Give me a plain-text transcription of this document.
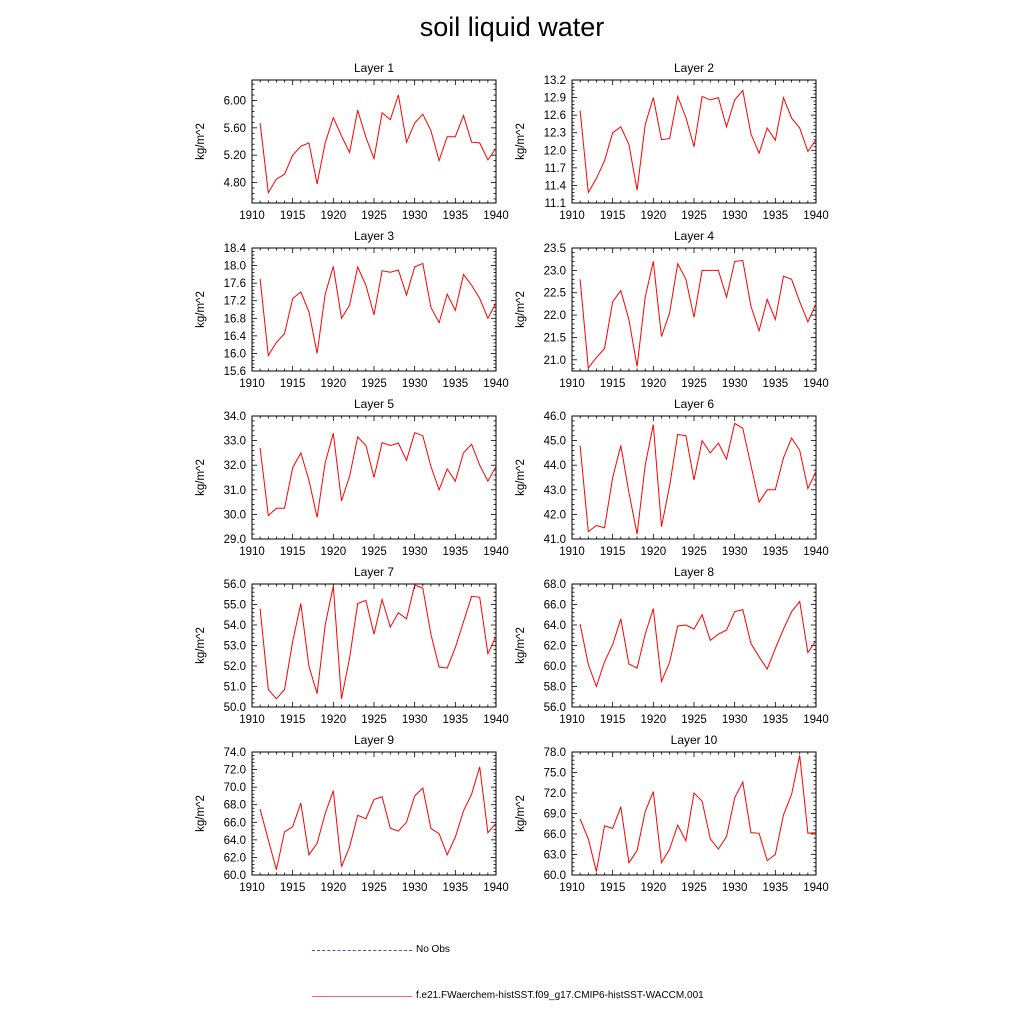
soil liquid water
Layer 1
1910 1915 1920 1925 1930 1935 1940
4.80
5.20
5.60
6.00
kg/m^2
Layer 2
1910 1915 1920 1925 1930 1935 1940
11.1
11.4
11.7
12.0
12.3
12.6
12.9
13.2
kg/m^2
Layer 3
1910 1915 1920 1925 1930 1935 1940
15.6
16.0
16.4
16.8
17.2
17.6
18.0
18.4
kg/m^2
Layer 4
1910 1915 1920 1925 1930 1935 1940
21.0
21.5
22.0
22.5
23.0
23.5
kg/m^2
Layer 5
1910 1915 1920 1925 1930 1935 1940
29.0
30.0
31.0
32.0
33.0
34.0
kg/m^2
Layer 6
1910 1915 1920 1925 1930 1935 1940
41.0
42.0
43.0
44.0
45.0
46.0
kg/m^2
Layer 7
1910 1915 1920 1925 1930 1935 1940
50.0
51.0
52.0
53.0
54.0
55.0
56.0
kg/m^2
Layer 8
1910 1915 1920 1925 1930 1935 1940
56.0
58.0
60.0
62.0
64.0
66.0
68.0
kg/m^2
Layer 9
1910 1915 1920 1925 1930 1935 1940
60.0
62.0
64.0
66.0
68.0
70.0
72.0
74.0
kg/m^2
Layer 10
1910 1915 1920 1925 1930 1935 1940
60.0
63.0
66.0
69.0
72.0
75.0
78.0
kg/m^2
No Obs
f.e21.FWaerchem-histSST.f09_g17.CMIP6-histSST-WACCM.001
